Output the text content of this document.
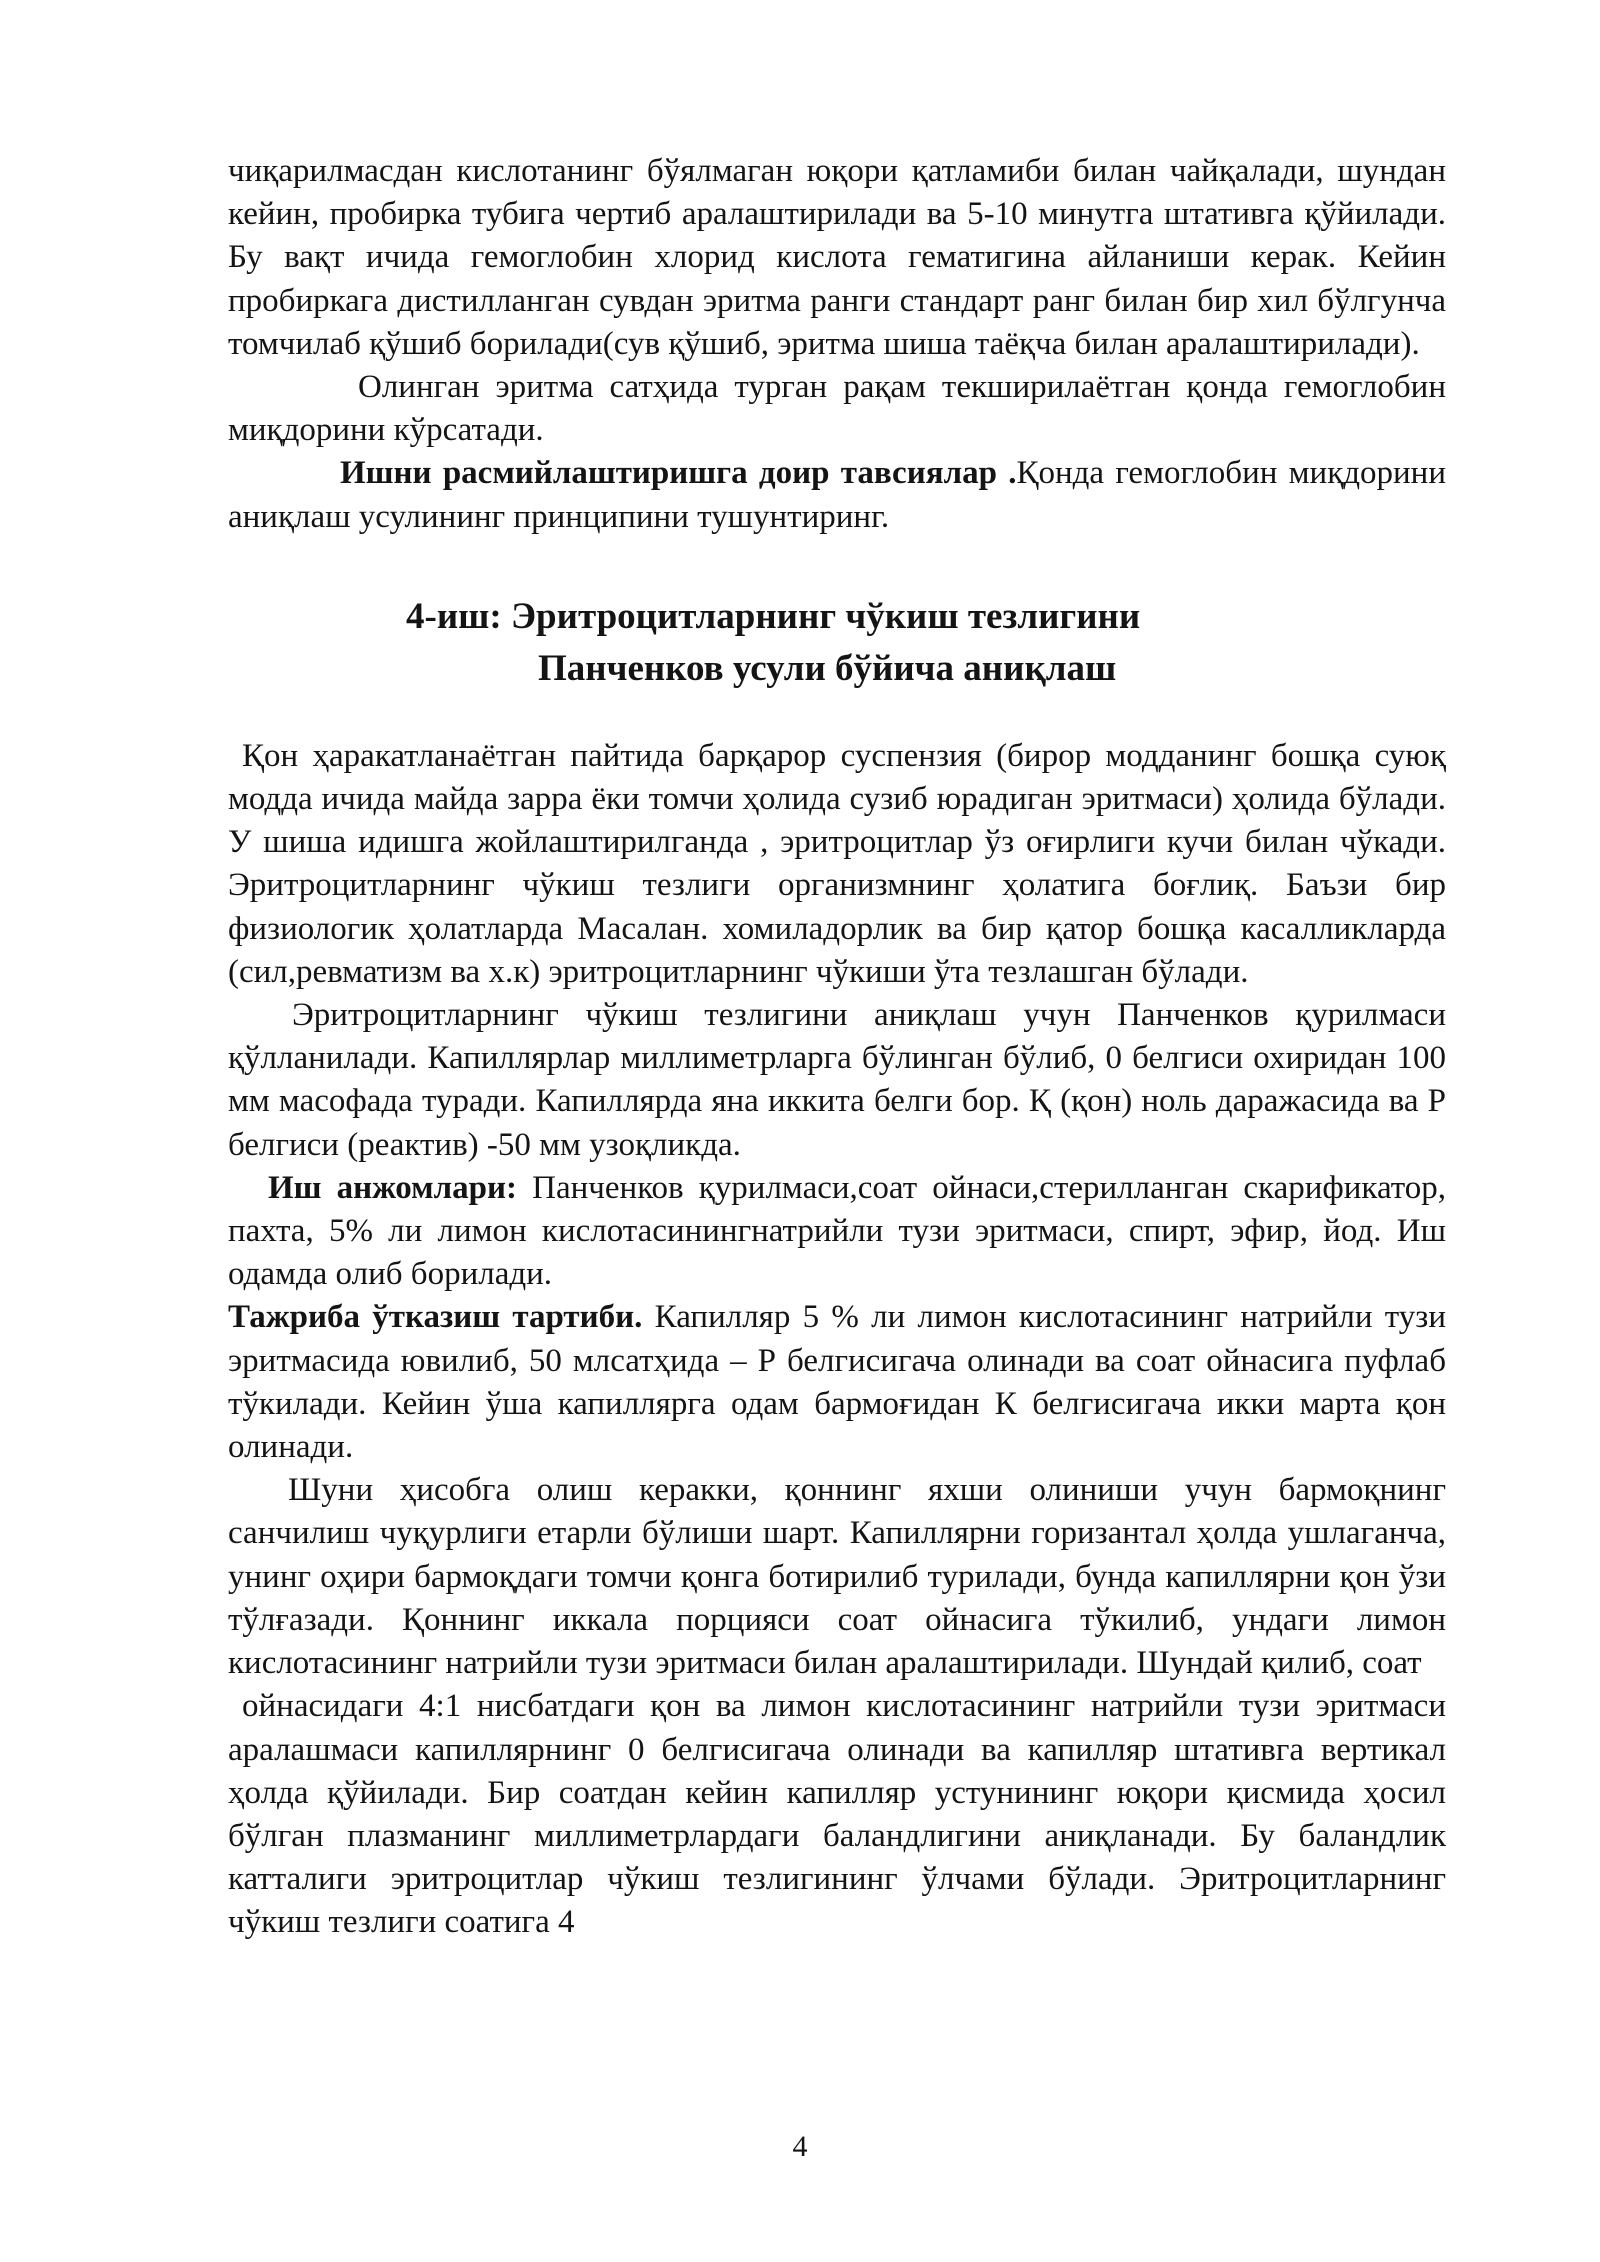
чиқарилмасдан кислотанинг бўялмаган юқори қатламиби билан чайқалади, шундан кейин, пробирка тубига чертиб аралаштирилади ва 5-10 минутга штативга қўйилади. Бу вақт ичида гемоглобин хлорид кислота гематигина айланиши керак. Кейин пробиркага дистилланган сувдан эритма ранги стандарт ранг билан бир хил бўлгунча томчилаб қўшиб борилади(сув қўшиб, эритма шиша таёқча билан аралаштирилади).

Олинган эритма сатҳида турган рақам текширилаётган қонда гемоглобин миқдорини кўрсатади.

Ишни расмийлаштиришга доир тавсиялар .Қонда гемоглобин миқдорини аниқлаш усулининг принципини тушунтиринг.

4-иш: Эритроцитларнинг чўкиш тезлигини
Панченков усули бўйича аниқлаш

Қон ҳаракатланаётган пайтида барқарор суспензия (бирор модданинг бошқа суюқ модда ичида майда зарра ёки томчи ҳолида сузиб юрадиган эритмаси) ҳолида бўлади. У шиша идишга жойлаштирилганда , эритроцитлар ўз оғирлиги кучи билан чўкади. Эритроцитларнинг чўкиш тезлиги организмнинг ҳолатига боғлиқ. Баъзи бир физиологик ҳолатларда Масалан. хомиладорлик ва бир қатор бошқа касалликларда (сил,ревматизм ва х.к) эритроцитларнинг чўкиши ўта тезлашган бўлади.

Эритроцитларнинг чўкиш тезлигини аниқлаш учун Панченков қурилмаси қўлланилади. Капиллярлар миллиметрларга бўлинган бўлиб, 0 белгиси охиридан 100 мм масофада туради. Капиллярда яна иккита белги бор. Қ (қон) ноль даражасида ва Р белгиси (реактив) -50 мм узоқликда.

Иш анжомлари: Панченков қурилмаси,соат ойнаси,стерилланган скарификатор, пахта, 5% ли лимон кислотасинингнатрийли тузи эритмаси, спирт, эфир, йод. Иш одамда олиб борилади.

Тажриба ўтказиш тартиби. Капилляр 5 % ли лимон кислотасининг натрийли тузи эритмасида ювилиб, 50 млсатҳида – Р белгисигача олинади ва соат ойнасига пуфлаб тўкилади. Кейин ўша капиллярга одам бармоғидан К белгисигача икки марта қон олинади.

Шуни ҳисобга олиш керакки, қоннинг яхши олиниши учун бармоқнинг санчилиш чуқурлиги етарли бўлиши шарт. Капиллярни горизантал ҳолда ушлаганча, унинг оҳири бармоқдаги томчи қонга ботирилиб турилади, бунда капиллярни қон ўзи тўлғазади. Қоннинг иккала порцияси соат ойнасига тўкилиб, ундаги лимон кислотасининг натрийли тузи эритмаси билан аралаштирилади. Шундай қилиб, соат

ойнасидаги 4:1 нисбатдаги қон ва лимон кислотасининг натрийли тузи эритмаси аралашмаси капиллярнинг 0 белгисигача олинади ва капилляр штативга вертикал ҳолда қўйилади. Бир соатдан кейин капилляр устунининг юқори қисмида ҳосил бўлган плазманинг миллиметрлардаги баландлигини аниқланади. Бу баландлик катталиги эритроцитлар чўкиш тезлигининг ўлчами бўлади. Эритроцитларнинг чўкиш тезлиги соатига 4

4
